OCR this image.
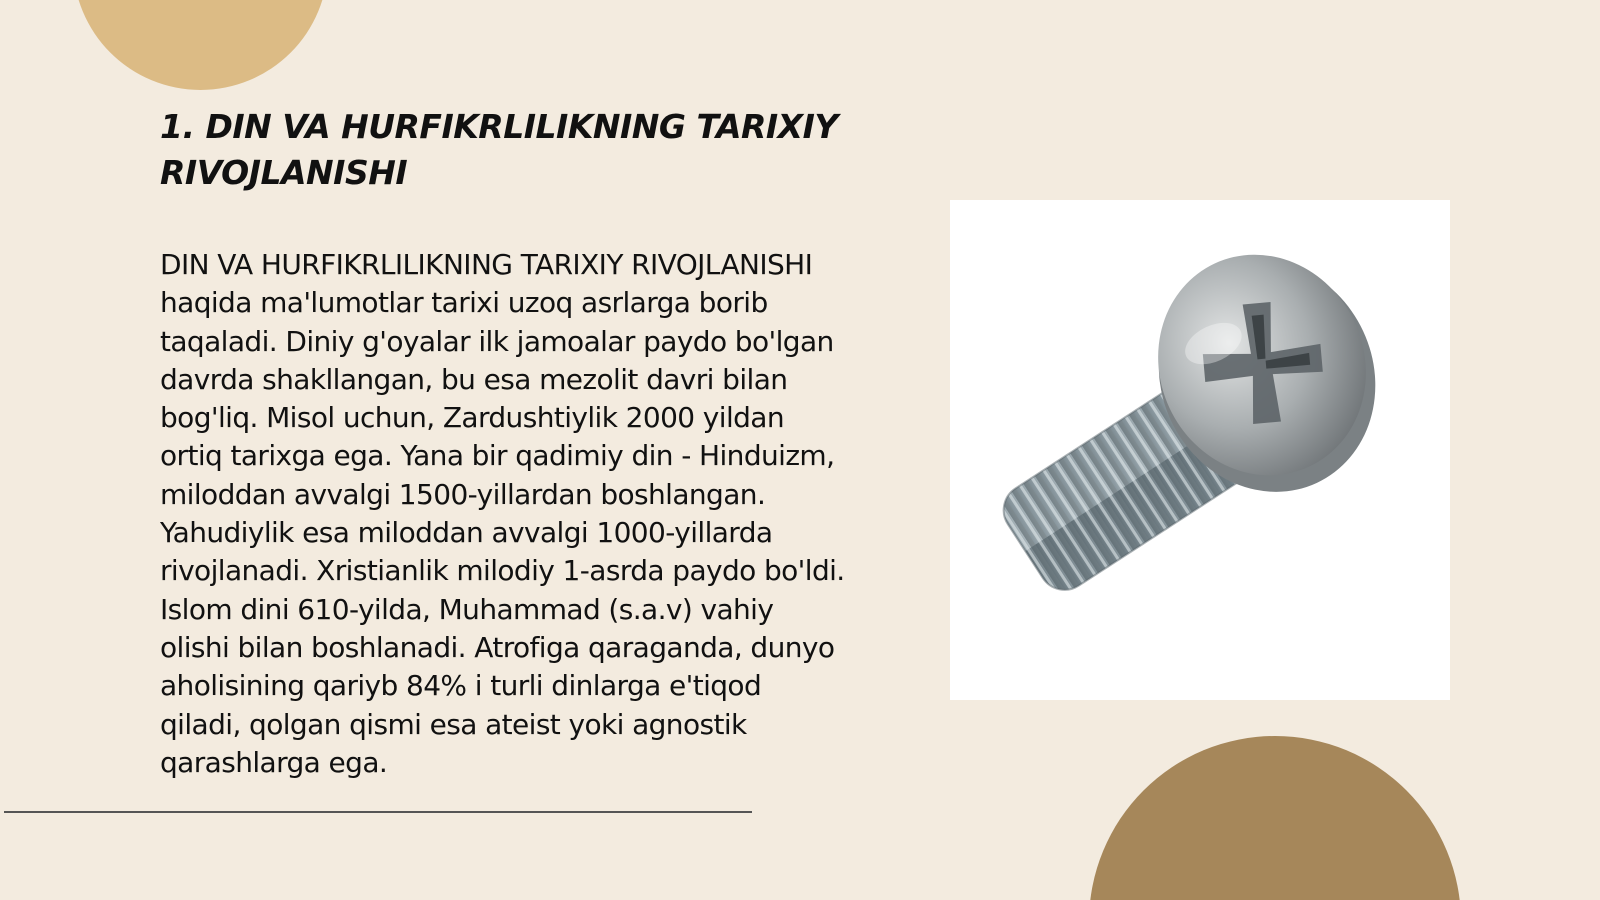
1. DIN VA HURFIKRLILIKNING TARIXIY RIVOJLANISHI

DIN VA HURFIKRLILIKNING TARIXIY RIVOJLANISHI haqida ma'lumotlar tarixi uzoq asrlarga borib taqaladi. Diniy g'oyalar ilk jamoalar paydo bo'lgan davrda shakllangan, bu esa mezolit davri bilan bog'liq. Misol uchun, Zardushtiylik 2000 yildan ortiq tarixga ega. Yana bir qadimiy din - Hinduizm, miloddan avvalgi 1500-yillardan boshlangan. Yahudiylik esa miloddan avvalgi 1000-yillarda rivojlanadi. Xristianlik milodiy 1-asrda paydo bo'ldi. Islom dini 610-yilda, Muhammad (s.a.v) vahiy olishi bilan boshlanadi. Atrofiga qaraganda, dunyo aholisining qariyb 84% i turli dinlarga e'tiqod qiladi, qolgan qismi esa ateist yoki agnostik qarashlarga ega.
